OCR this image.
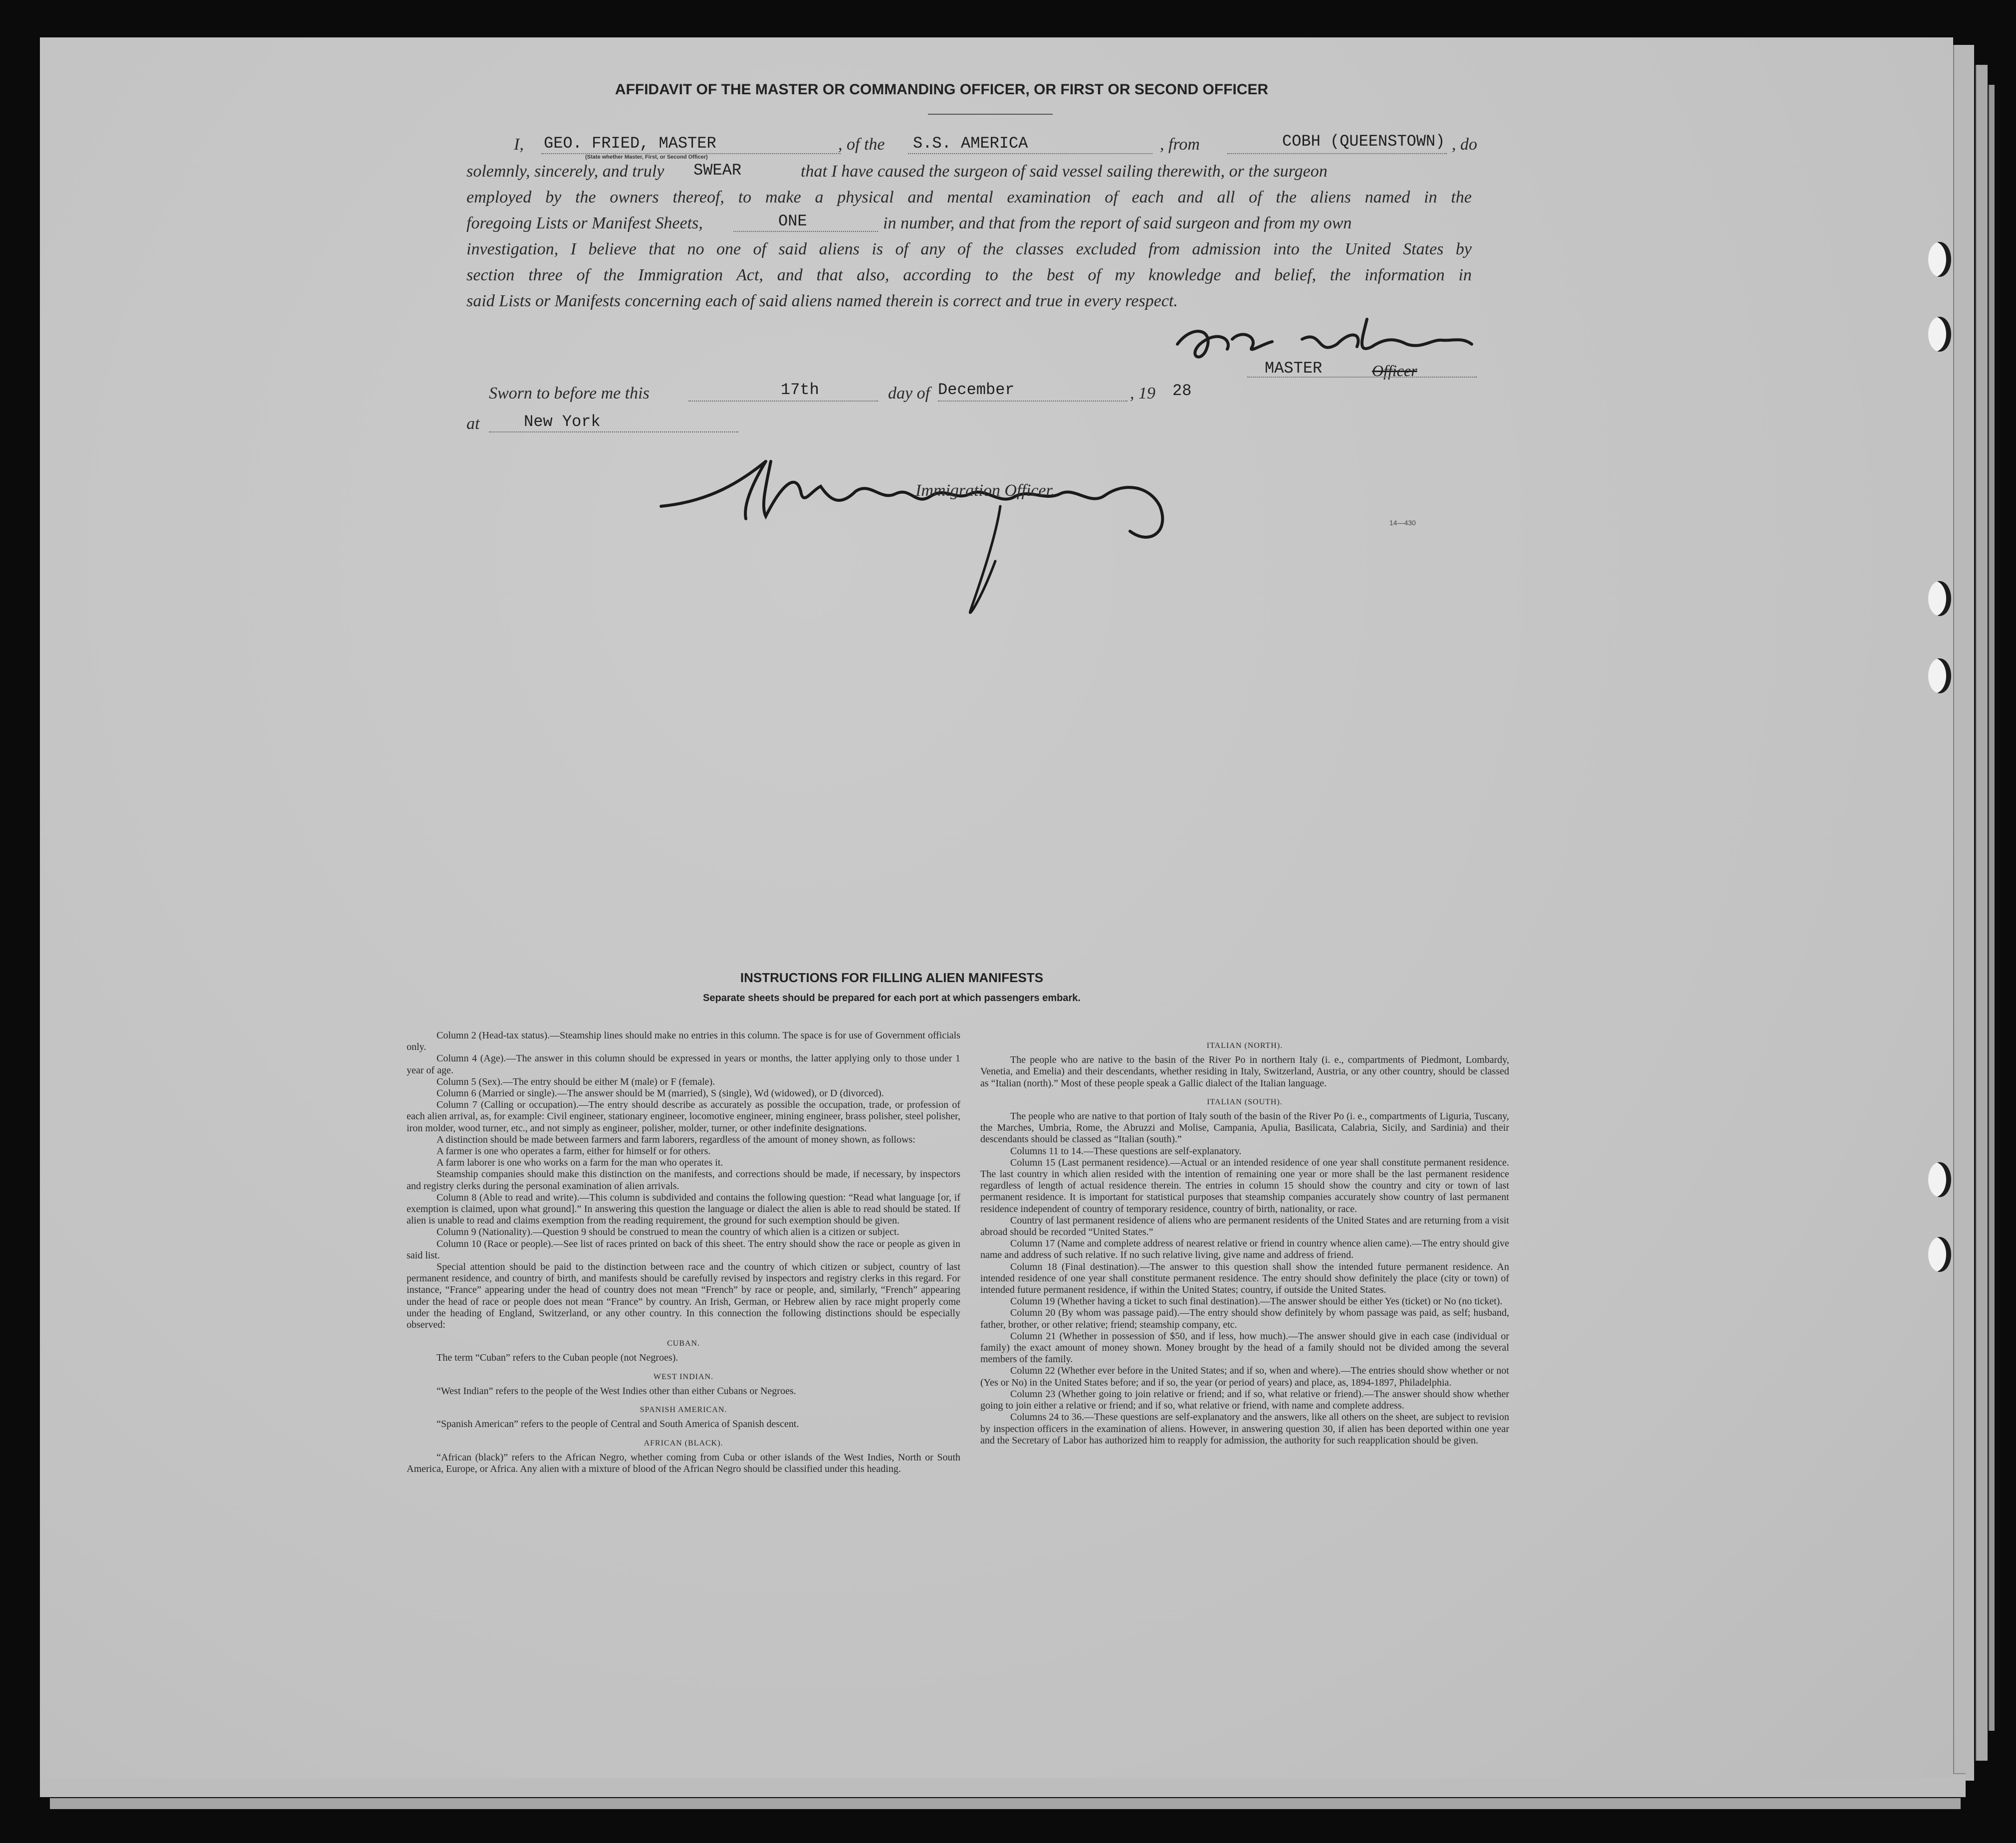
AFFIDAVIT OF THE MASTER OR COMMANDING OFFICER, OR FIRST OR SECOND OFFICER
I, GEO. FRIED, MASTER
(State whether Master, First, or Second Officer)
, of the S.S. AMERICA	, from	COBH (QUEENSTOWN) , do
solemnly, sincerely, and truly SWEAR	that I have caused the surgeon of said vessel sailing therewith, or the surgeon
employed by the owners thereof, to make a physical and mental examination of each and all of the aliens named in the
foregoing Lists or Manifest Sheets,	ONE	in number, and that from the report of said surgeon and from my own
investigation, I believe that no one of said aliens is of any of the classes excluded from admission into the United States by
section three of the Immigration Act, and that also, according to the best of my knowledge and belief, the information in
said Lists or Manifests concerning each of said aliens named therein is correct and true in every respect.
MASTER	Officer
Sworn to before me this	17th	day of December	, 19 28
at	New York
Immigration Officer.
14—430
INSTRUCTIONS FOR FILLING ALIEN MANIFESTS
Separate sheets should be prepared for each port at which passengers embark.

Column 2 (Head-tax status).—Steamship lines should make no entries in this column. The space is for use of Government officials only.

Column 4 (Age).—The answer in this column should be expressed in years or months, the latter applying only to those under 1 year of age.

Column 5 (Sex).—The entry should be either M (male) or F (female).

Column 6 (Married or single).—The answer should be M (married), S (single), Wd (widowed), or D (divorced).

Column 7 (Calling or occupation).—The entry should describe as accurately as possible the occupation, trade, or profession of each alien arrival, as, for example: Civil engineer, stationary engineer, locomotive engineer, mining engineer, brass polisher, steel polisher, iron molder, wood turner, etc., and not simply as engineer, polisher, molder, turner, or other indefinite designations.

A distinction should be made between farmers and farm laborers, regardless of the amount of money shown, as follows:

A farmer is one who operates a farm, either for himself or for others.

A farm laborer is one who works on a farm for the man who operates it.

Steamship companies should make this distinction on the manifests, and corrections should be made, if necessary, by inspectors and registry clerks during the personal examination of alien arrivals.

Column 8 (Able to read and write).—This column is subdivided and contains the following question: “Read what language [or, if exemption is claimed, upon what ground].” In answering this question the language or dialect the alien is able to read should be stated. If alien is unable to read and claims exemption from the reading requirement, the ground for such exemption should be given.

Column 9 (Nationality).—Question 9 should be construed to mean the country of which alien is a citizen or subject.

Column 10 (Race or people).—See list of races printed on back of this sheet. The entry should show the race or people as given in said list.

Special attention should be paid to the distinction between race and the country of which citizen or subject, country of last permanent residence, and country of birth, and manifests should be carefully revised by inspectors and registry clerks in this regard. For instance, “France” appearing under the head of country does not mean “French” by race or people, and, similarly, “French” appearing under the head of race or people does not mean “France” by country. An Irish, German, or Hebrew alien by race might properly come under the heading of England, Switzerland, or any other country. In this connection the following distinctions should be especially observed:

CUBAN.

The term “Cuban” refers to the Cuban people (not Negroes).

WEST INDIAN.

“West Indian” refers to the people of the West Indies other than either Cubans or Negroes.

SPANISH AMERICAN.

“Spanish American” refers to the people of Central and South America of Spanish descent.

AFRICAN (BLACK).

“African (black)” refers to the African Negro, whether coming from Cuba or other islands of the West Indies, North or South America, Europe, or Africa. Any alien with a mixture of blood of the African Negro should be classified under this heading.

ITALIAN (NORTH).

The people who are native to the basin of the River Po in northern Italy (i. e., compartments of Piedmont, Lombardy, Venetia, and Emelia) and their descendants, whether residing in Italy, Switzerland, Austria, or any other country, should be classed as “Italian (north).” Most of these people speak a Gallic dialect of the Italian language.

ITALIAN (SOUTH).

The people who are native to that portion of Italy south of the basin of the River Po (i. e., compartments of Liguria, Tuscany, the Marches, Umbria, Rome, the Abruzzi and Molise, Campania, Apulia, Basilicata, Calabria, Sicily, and Sardinia) and their descendants should be classed as “Italian (south).”

Columns 11 to 14.—These questions are self-explanatory.

Column 15 (Last permanent residence).—Actual or an intended residence of one year shall constitute permanent residence. The last country in which alien resided with the intention of remaining one year or more shall be the last permanent residence regardless of length of actual residence therein. The entries in column 15 should show the country and city or town of last permanent residence. It is important for statistical purposes that steamship companies accurately show country of last permanent residence independent of country of temporary residence, country of birth, nationality, or race.

Country of last permanent residence of aliens who are permanent residents of the United States and are returning from a visit abroad should be recorded “United States.”

Column 17 (Name and complete address of nearest relative or friend in country whence alien came).—The entry should give name and address of such relative. If no such relative living, give name and address of friend.

Column 18 (Final destination).—The answer to this question shall show the intended future permanent residence. An intended residence of one year shall constitute permanent residence. The entry should show definitely the place (city or town) of intended future permanent residence, if within the United States; country, if outside the United States.

Column 19 (Whether having a ticket to such final destination).—The answer should be either Yes (ticket) or No (no ticket).

Column 20 (By whom was passage paid).—The entry should show definitely by whom passage was paid, as self; husband, father, brother, or other relative; friend; steamship company, etc.

Column 21 (Whether in possession of $50, and if less, how much).—The answer should give in each case (individual or family) the exact amount of money shown. Money brought by the head of a family should not be divided among the several members of the family.

Column 22 (Whether ever before in the United States; and if so, when and where).—The entries should show whether or not (Yes or No) in the United States before; and if so, the year (or period of years) and place, as, 1894-1897, Philadelphia.

Column 23 (Whether going to join relative or friend; and if so, what relative or friend).—The answer should show whether going to join either a relative or friend; and if so, what relative or friend, with name and complete address.

Columns 24 to 36.—These questions are self-explanatory and the answers, like all others on the sheet, are subject to revision by inspection officers in the examination of aliens. However, in answering question 30, if alien has been deported within one year and the Secretary of Labor has authorized him to reapply for admission, the authority for such reapplication should be given.
